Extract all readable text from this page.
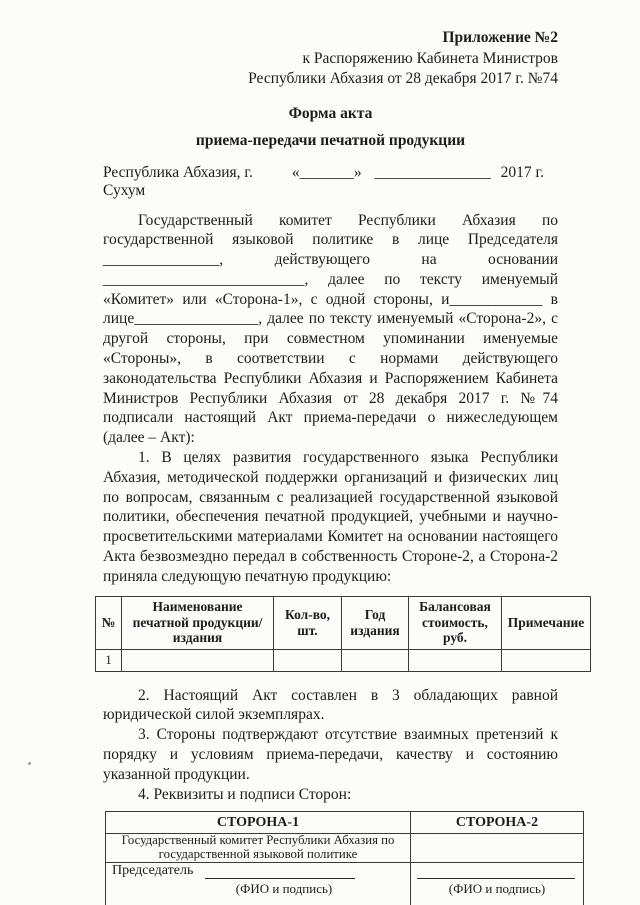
Приложение №2
к Распоряжению Кабинета Министров
Республики Абхазия от 28 декабря 2017 г. №74
Форма акта
приема-передачи печатной продукции
Республика Абхазия, г. Сухум
«_______» _______________ 2017 г.

Государственный комитет Республики Абхазия по государственной языковой политике в лице Председателя _______________, действующего на основании __________________________, далее по тексту именуемый «Комитет» или «Сторона-1», с одной стороны, и____________ в лице________________, далее по тексту именуемый «Сторона-2», с другой стороны, при совместном упоминании именуемые «Стороны», в соответствии с нормами действующего законодательства Республики Абхазия и Распоряжением Кабинета Министров Республики Абхазия от 28 декабря 2017 г. №74 подписали настоящий Акт приема-передачи о нижеследующем (далее – Акт):

1. В целях развития государственного языка Республики Абхазия, методической поддержки организаций и физических лиц по вопросам, связанным с реализацией государственной языковой политики, обеспечения печатной продукцией, учебными и научно-просветительскими материалами Комитет на основании настоящего Акта безвозмездно передал в собственность Стороне-2, а Сторона-2 приняла следующую печатную продукцию:

№	Наименование печатной продукции/ издания	Кол-во, шт.	Год издания	Балансовая стоимость, руб.	Примечание
1					

2. Настоящий Акт составлен в 3 обладающих равной юридической силой экземплярах.

3. Стороны подтверждают отсутствие взаимных претензий к порядку и условиям приема-передачи, качеству и состоянию указанной продукции.

4. Реквизиты и подписи Сторон:

СТОРОНА-1	СТОРОНА-2
Государственный комитет Республики Абхазия по государственной языковой политике	

Председатель
(ФИО и подпись)	(ФИО и подпись)
